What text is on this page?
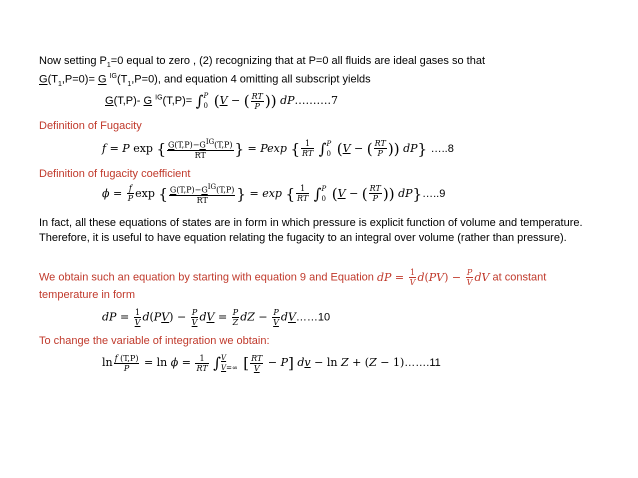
Now setting $P_1=0$ equal to zero , (2) recognizing that at P=0 all fluids are ideal gases so that
$G(T_1,P=0)= G$ $^{IG}(T_1,P=0)$, and equation 4 omitting all subscript yields
G(T,P)- G $^{IG}$(T,P)= ∫ P
0 (V − ( $\frac{RT}{P}$ )) dP……….7
Definition of Fugacity
f = P exp { $\frac{G(T,P)-G^{IG}(T,P)}{RT}$ } = Pexp { $\frac{1}{RT}$ ∫ P
0 (V − ( $\frac{RT}{P}$ )) dP} …..8
Definition of fugacity coefficient
$\phi = \frac{f}{P}$ exp { $\frac{G(T,P)-G^{IG}(T,P)}{RT}$ } = exp { $\frac{1}{RT}$ ∫ P
0 (V − ( $\frac{RT}{P}$ )) dP}…..9
In fact, all these equations of states are in form in which pressure is explicit function of volume and temperature. Therefore, it is useful to have equation relating the fugacity to an integral over volume (rather than pressure).
We obtain such an equation by starting with equation 9 and Equation dP = $\frac{1}{V} d(PV) - \frac{P}{V}$ dV at constant
temperature in form
dP = $\frac{1}{V} d(PV) - \frac{P}{V}$ dV = $\frac{P}{Z}$ dZ − $\frac{P}{V}$ dV……10
To change the variable of integration we obtain:
$\ln \frac{f (T,P)}{P} = \ln \phi = \frac{1}{RT}$ ∫ V
V=∞ [ $\frac{RT}{V} - P$] dv − ln Z + (Z − 1)…….11
